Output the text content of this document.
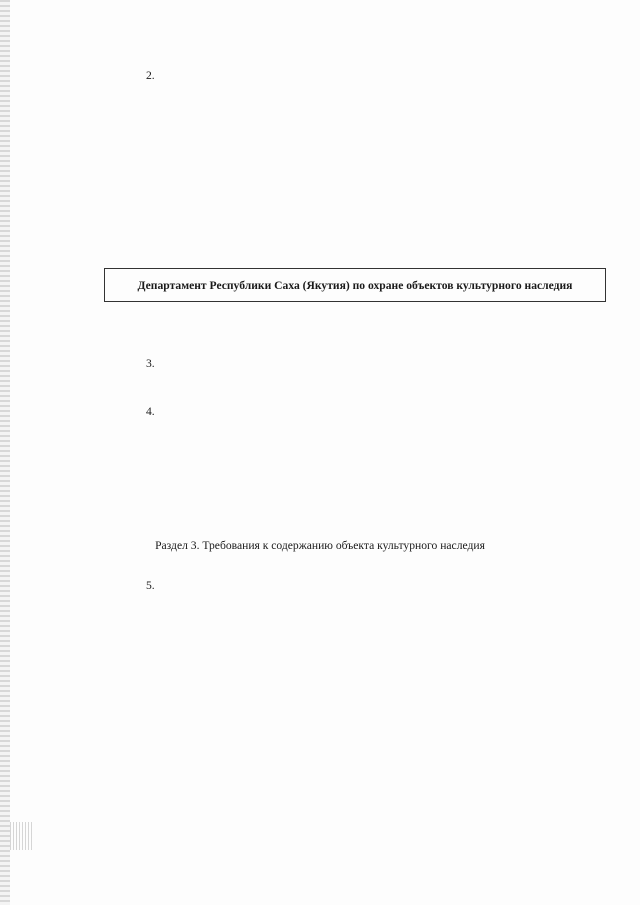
2.

Департамент Республики Саха (Якутия) по охране объектов культурного наследия

3.

4.

Раздел 3. Требования к содержанию объекта культурного наследия

5.
